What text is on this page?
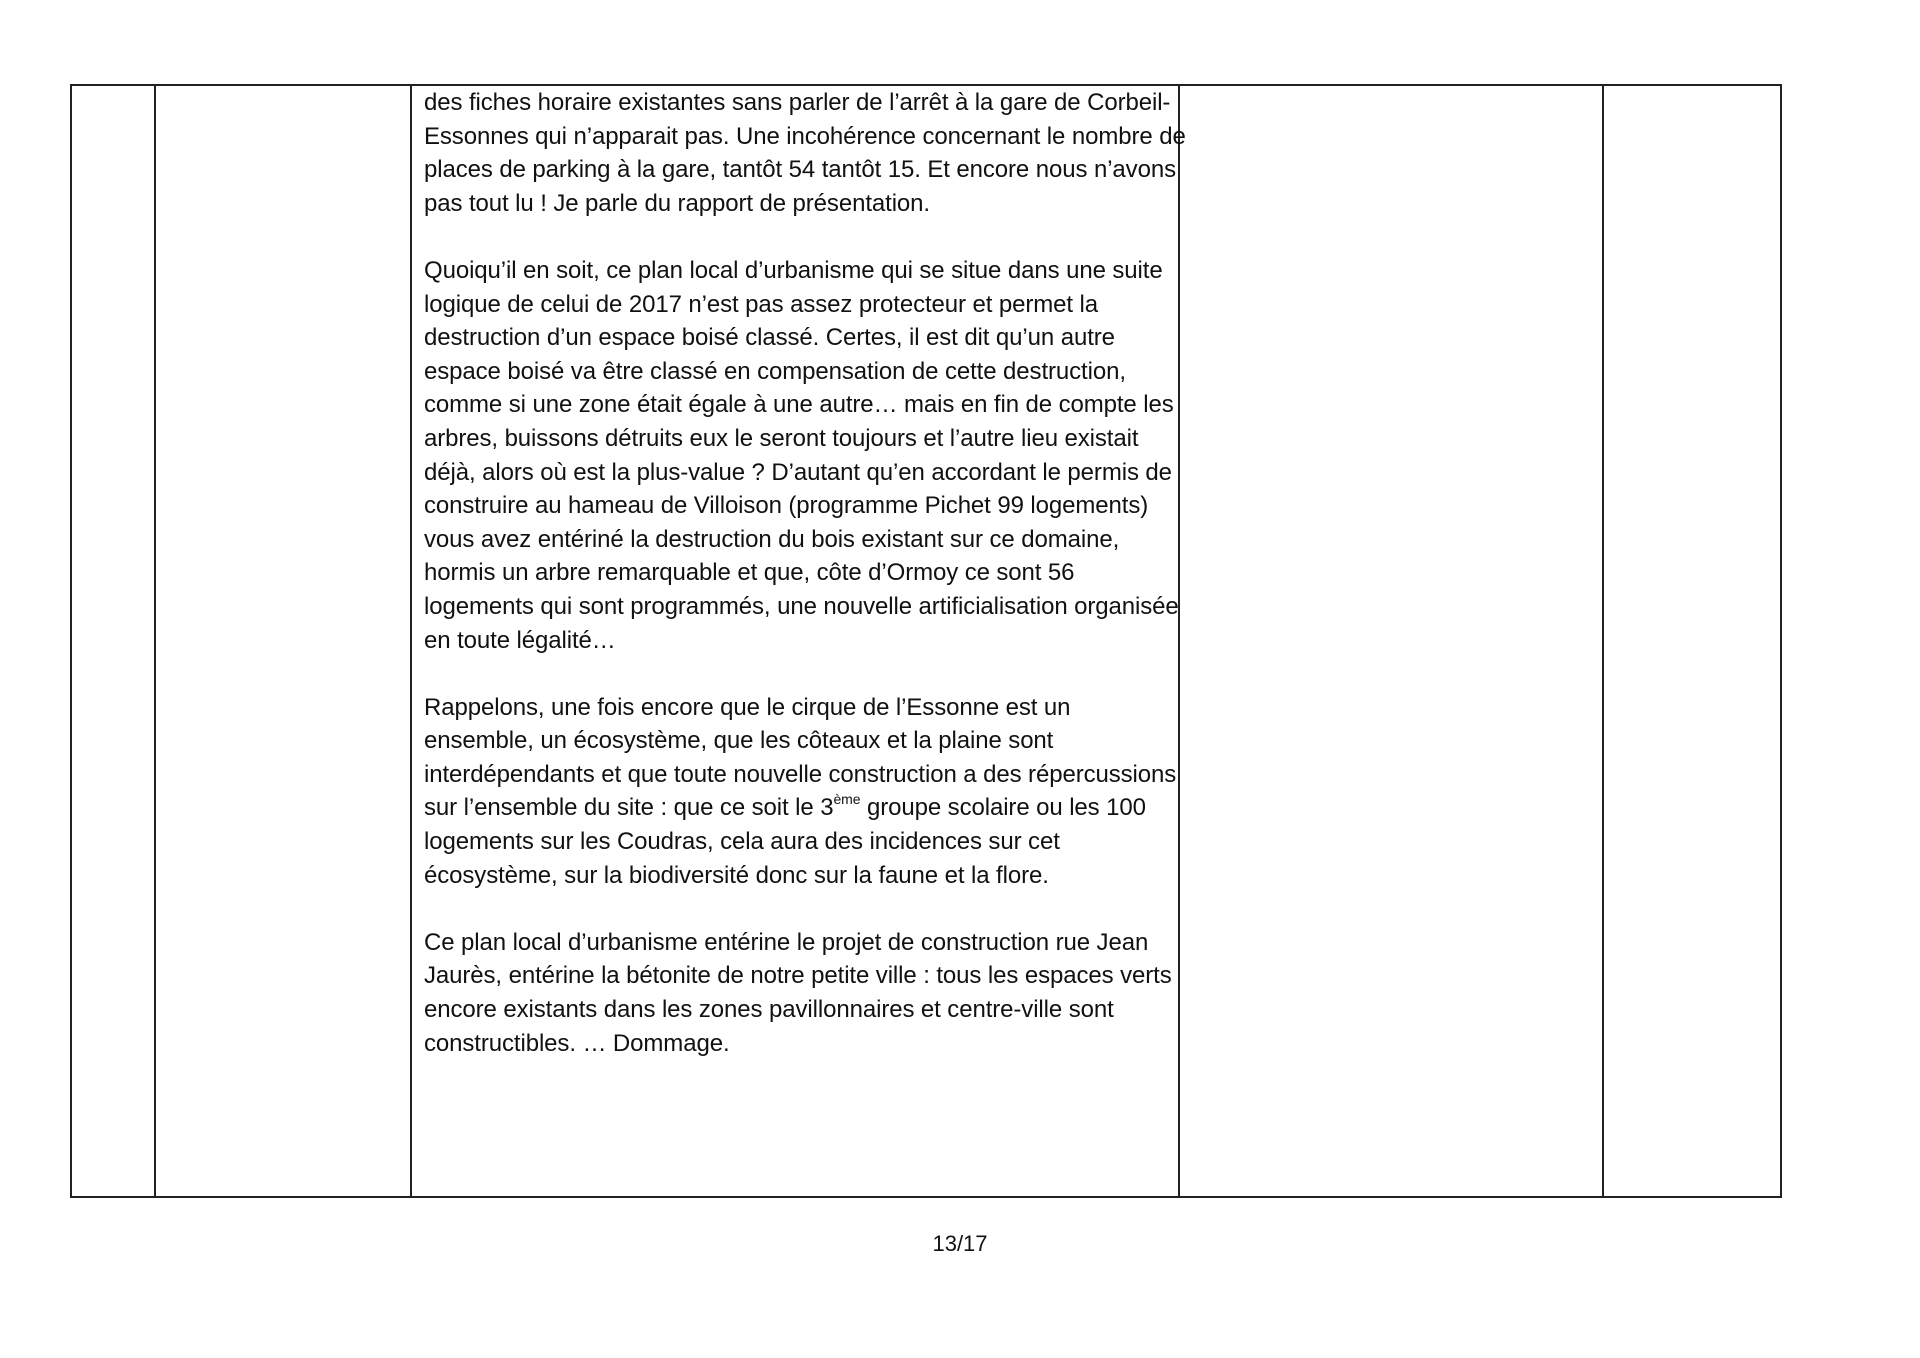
des fiches horaire existantes sans parler de l’arrêt à la gare de Corbeil-Essonnes qui n’apparait pas. Une incohérence concernant le nombre de places de parking à la gare, tantôt 54 tantôt 15. Et encore nous n’avons pas tout lu ! Je parle du rapport de présentation.

Quoiqu’il en soit, ce plan local d’urbanisme qui se situe dans une suite logique de celui de 2017 n’est pas assez protecteur et permet la destruction d’un espace boisé classé. Certes, il est dit qu’un autre espace boisé va être classé en compensation de cette destruction, comme si une zone était égale à une autre… mais en fin de compte les arbres, buissons détruits eux le seront toujours et l’autre lieu existait déjà, alors où est la plus-value ? D’autant qu’en accordant le permis de construire au hameau de Villoison (programme Pichet 99 logements) vous avez entériné la destruction du bois existant sur ce domaine, hormis un arbre remarquable et que, côte d’Ormoy ce sont 56 logements qui sont programmés, une nouvelle artificialisation organisée en toute légalité…

Rappelons, une fois encore que le cirque de l’Essonne est un ensemble, un écosystème, que les côteaux et la plaine sont interdépendants et que toute nouvelle construction a des répercussions sur l’ensemble du site : que ce soit le 3ème groupe scolaire ou les 100 logements sur les Coudras, cela aura des incidences sur cet écosystème, sur la biodiversité donc sur la faune et la flore.

Ce plan local d’urbanisme entérine le projet de construction rue Jean Jaurès, entérine la bétonite de notre petite ville : tous les espaces verts encore existants dans les zones pavillonnaires et centre-ville sont constructibles. … Dommage.

13/17
